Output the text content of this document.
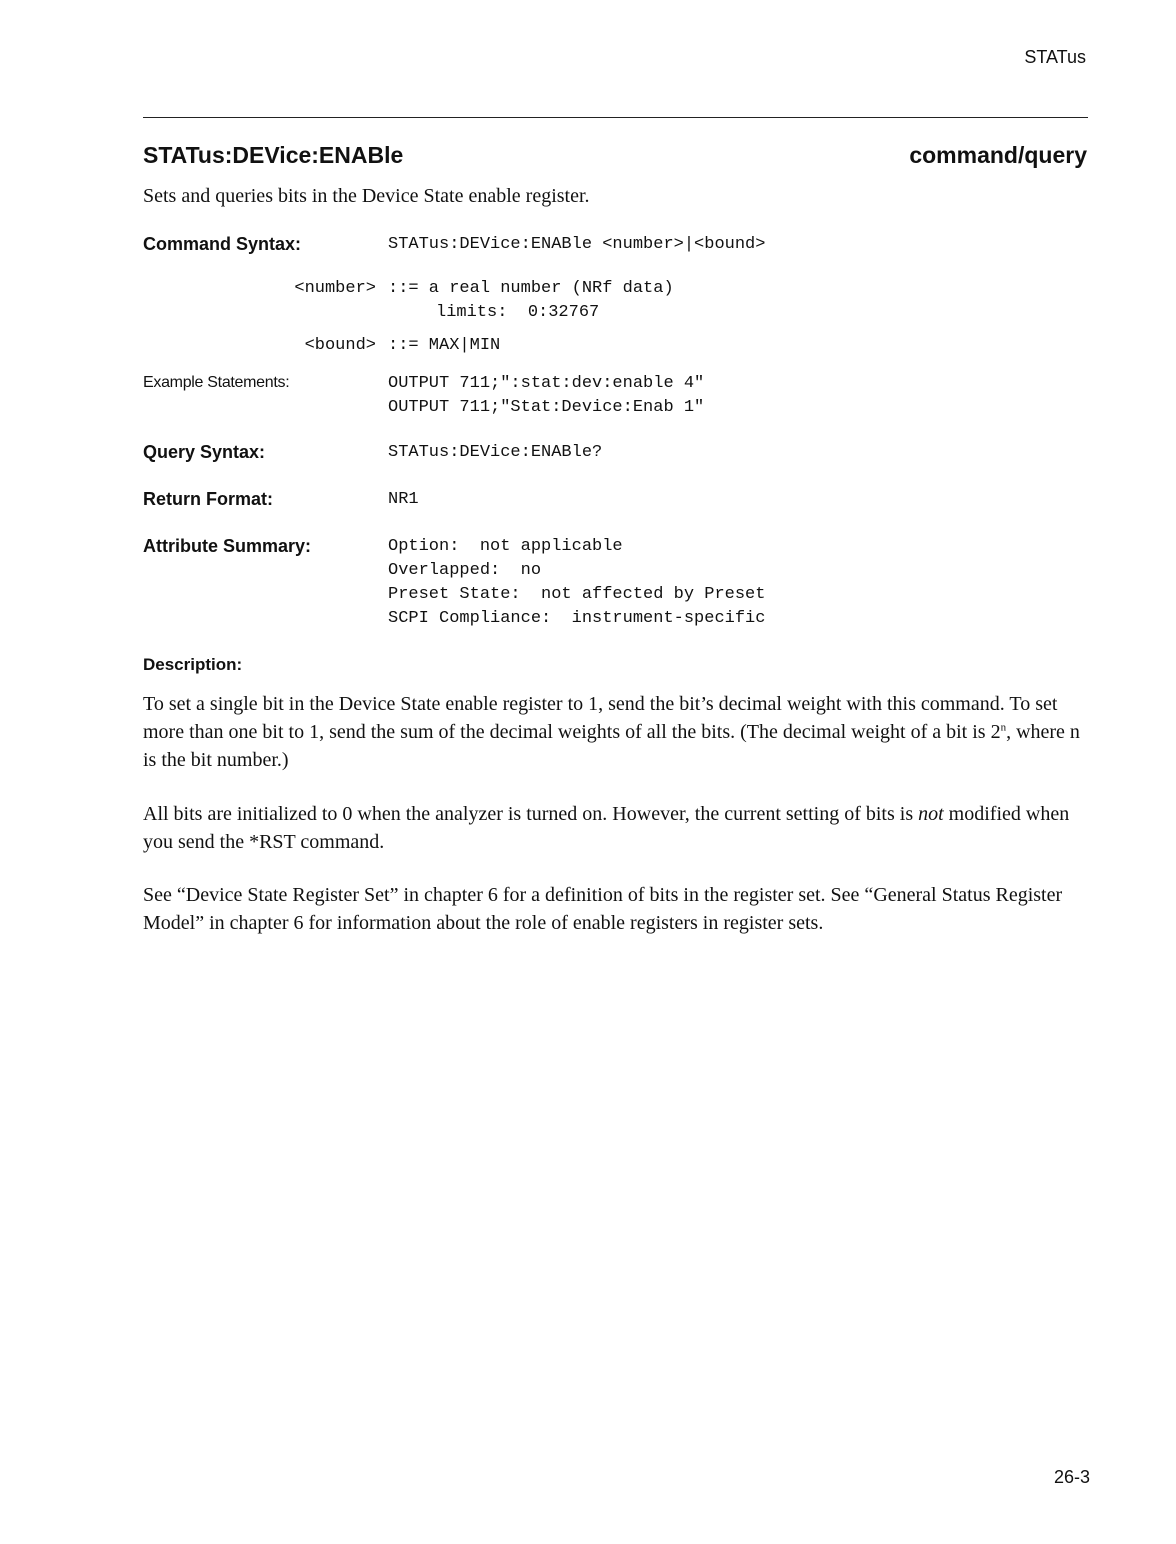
STATus
STATus:DEVice:ENABle	command/query
Sets and queries bits in the Device State enable register.
Command Syntax:	STATus:DEVice:ENABle <number>|<bound>
<number> ::= a real number (NRf data)
limits:  0:32767
<bound> ::= MAX|MIN
Example Statements:	OUTPUT 711;":stat:dev:enable 4"
OUTPUT 711;"Stat:Device:Enab 1"
Query Syntax:	STATus:DEVice:ENABle?
Return Format:	NR1
Attribute Summary:	Option:  not applicable
Overlapped:  no
Preset State:  not affected by Preset
SCPI Compliance:  instrument-specific
Description:
To set a single bit in the Device State enable register to 1, send the bit’s decimal weight with this command. To set more than one bit to 1, send the sum of the decimal weights of all the bits. (The decimal weight of a bit is 2$^n$, where n is the bit number.)
All bits are initialized to 0 when the analyzer is turned on. However, the current setting of bits is not modified when you send the *RST command.
See “Device State Register Set” in chapter 6 for a definition of bits in the register set. See “General Status Register Model” in chapter 6 for information about the role of enable registers in register sets.
26-3
